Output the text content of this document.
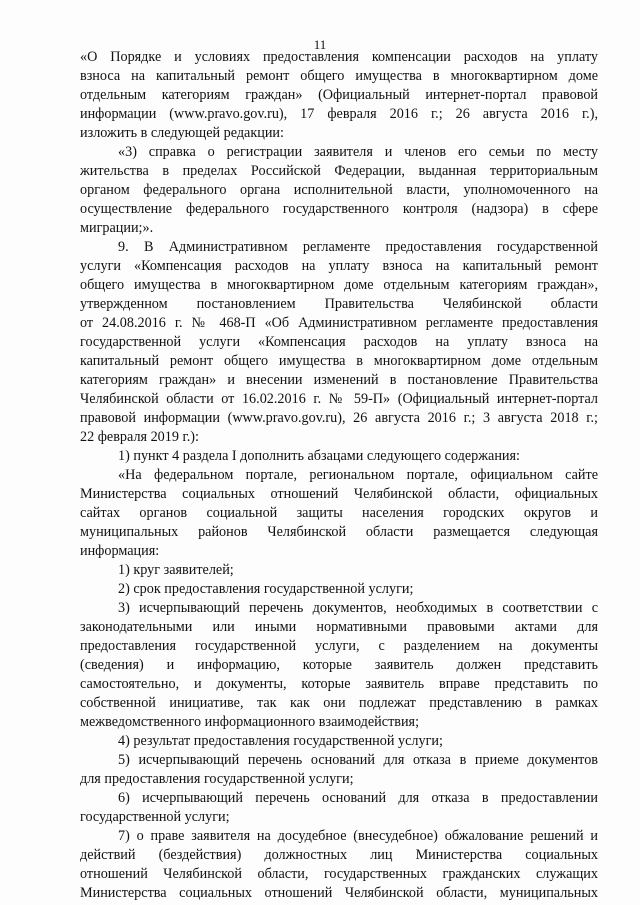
11
«О Порядке и условиях предоставления компенсации расходов на уплату
взноса на капитальный ремонт общего имущества в многоквартирном доме
отдельным категориям граждан» (Официальный интернет-портал правовой
информации (www.pravo.gov.ru), 17 февраля 2016 г.; 26 августа 2016 г.),
изложить в следующей редакции:
«3) справка о регистрации заявителя и членов его семьи по месту
жительства в пределах Российской Федерации, выданная территориальным
органом федерального органа исполнительной власти, уполномоченного на
осуществление федерального государственного контроля (надзора) в сфере
миграции;».
9. В Административном регламенте предоставления государственной
услуги «Компенсация расходов на уплату взноса на капитальный ремонт
общего имущества в многоквартирном доме отдельным категориям граждан»,
утвержденном постановлением Правительства Челябинской области
от 24.08.2016 г. № 468-П «Об Административном регламенте предоставления
государственной услуги «Компенсация расходов на уплату взноса на
капитальный ремонт общего имущества в многоквартирном доме отдельным
категориям граждан» и внесении изменений в постановление Правительства
Челябинской области от 16.02.2016 г. № 59-П» (Официальный интернет-портал
правовой информации (www.pravo.gov.ru), 26 августа 2016 г.; 3 августа 2018 г.;
22 февраля 2019 г.):
1) пункт 4 раздела I дополнить абзацами следующего содержания:
«На федеральном портале, региональном портале, официальном сайте
Министерства социальных отношений Челябинской области, официальных
сайтах органов социальной защиты населения городских округов и
муниципальных районов Челябинской области размещается следующая
информация:
1) круг заявителей;
2) срок предоставления государственной услуги;
3) исчерпывающий перечень документов, необходимых в соответствии с
законодательными или иными нормативными правовыми актами для
предоставления государственной услуги, с разделением на документы
(сведения) и информацию, которые заявитель должен представить
самостоятельно, и документы, которые заявитель вправе представить по
собственной инициативе, так как они подлежат представлению в рамках
межведомственного информационного взаимодействия;
4) результат предоставления государственной услуги;
5) исчерпывающий перечень оснований для отказа в приеме документов
для предоставления государственной услуги;
6) исчерпывающий перечень оснований для отказа в предоставлении
государственной услуги;
7) о праве заявителя на досудебное (внесудебное) обжалование решений и
действий (бездействия) должностных лиц Министерства социальных
отношений Челябинской области, государственных гражданских служащих
Министерства социальных отношений Челябинской области, муниципальных
